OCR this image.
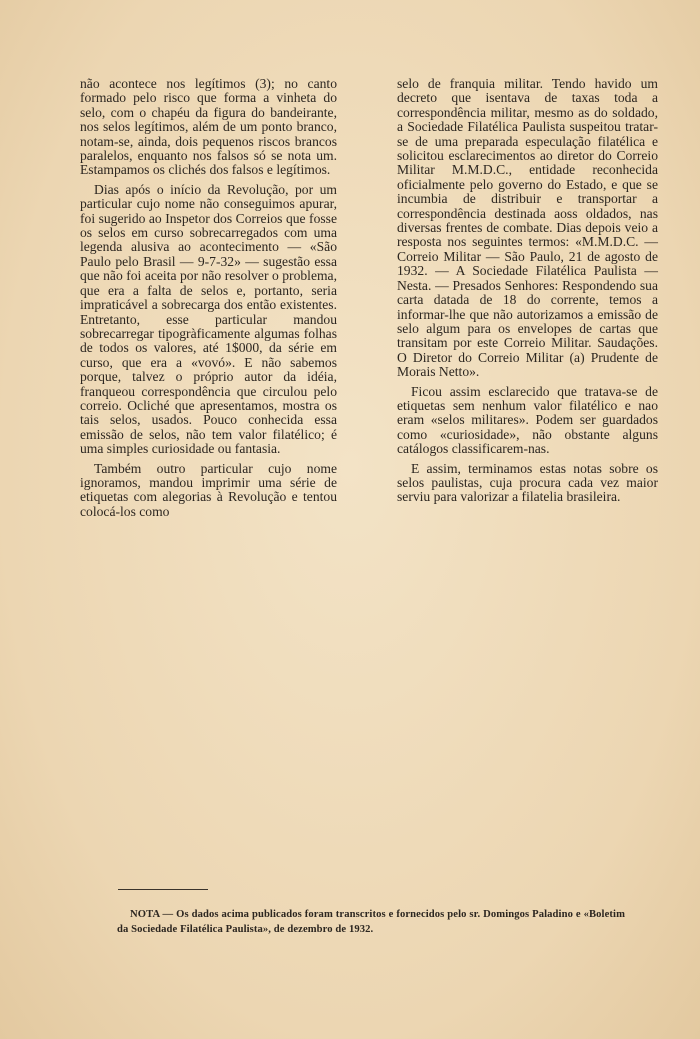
não acontece nos legítimos (3); no canto formado pelo risco que forma a vinheta do selo, com o chapéu da figura do bandeirante, nos selos legítimos, além de um ponto branco, notam-se, ainda, dois pequenos riscos brancos paralelos, enquanto nos falsos só se nota um. Estampamos os clichés dos falsos e legítimos.

Dias após o início da Revolução, por um particular cujo nome não conseguimos apurar, foi sugerido ao Inspetor dos Correios que fosse os selos em curso sobrecarregados com uma legenda alusiva ao acontecimento — «São Paulo pelo Brasil — 9-7-32» — sugestão essa que não foi aceita por não resolver o problema, que era a falta de selos e, portanto, seria impraticável a sobrecarga dos então existentes. Entretanto, esse particular mandou sobrecarregar tipogràficamente algumas folhas de todos os valores, até 1$000, da série em curso, que era a «vovó». E não sabemos porque, talvez o próprio autor da idéia, franqueou correspondência que circulou pelo correio. Ocliché que apresentamos, mostra os tais selos, usados. Pouco conhecida essa emissão de selos, não tem valor filatélico; é uma simples curiosidade ou fantasia.

Também outro particular cujo nome ignoramos, mandou imprimir uma série de etiquetas com alegorias à Revolução e tentou colocá-los como

selo de franquia militar. Tendo havido um decreto que isentava de taxas toda a correspondência militar, mesmo as do soldado, a Sociedade Filatélica Paulista suspeitou tratar-se de uma preparada especulação filatélica e solicitou esclarecimentos ao diretor do Correio Militar M.M.D.C., entidade reconhecida oficialmente pelo governo do Estado, e que se incumbia de distribuir e transportar a correspondência destinada aoss oldados, nas diversas frentes de combate. Dias depois veio a resposta nos seguintes termos: «M.M.D.C. — Correio Militar — São Paulo, 21 de agosto de 1932. — A Sociedade Filatélica Paulista — Nesta. — Presados Senhores: Respondendo sua carta datada de 18 do corrente, temos a informar-lhe que não autorizamos a emissão de selo algum para os envelopes de cartas que transitam por este Correio Militar. Saudações. O Diretor do Correio Militar (a) Prudente de Morais Netto».

Ficou assim esclarecido que tratava-se de etiquetas sem nenhum valor filatélico e nao eram «selos militares». Podem ser guardados como «curiosidade», não obstante alguns catálogos classificarem-nas.

E assim, terminamos estas notas sobre os selos paulistas, cuja procura cada vez maior serviu para valorizar a filatelia brasileira.

NOTA — Os dados acima publicados foram transcritos e fornecidos pelo sr. Domingos Paladino e «Boletim da Sociedade Filatélica Paulista», de dezembro de 1932.
